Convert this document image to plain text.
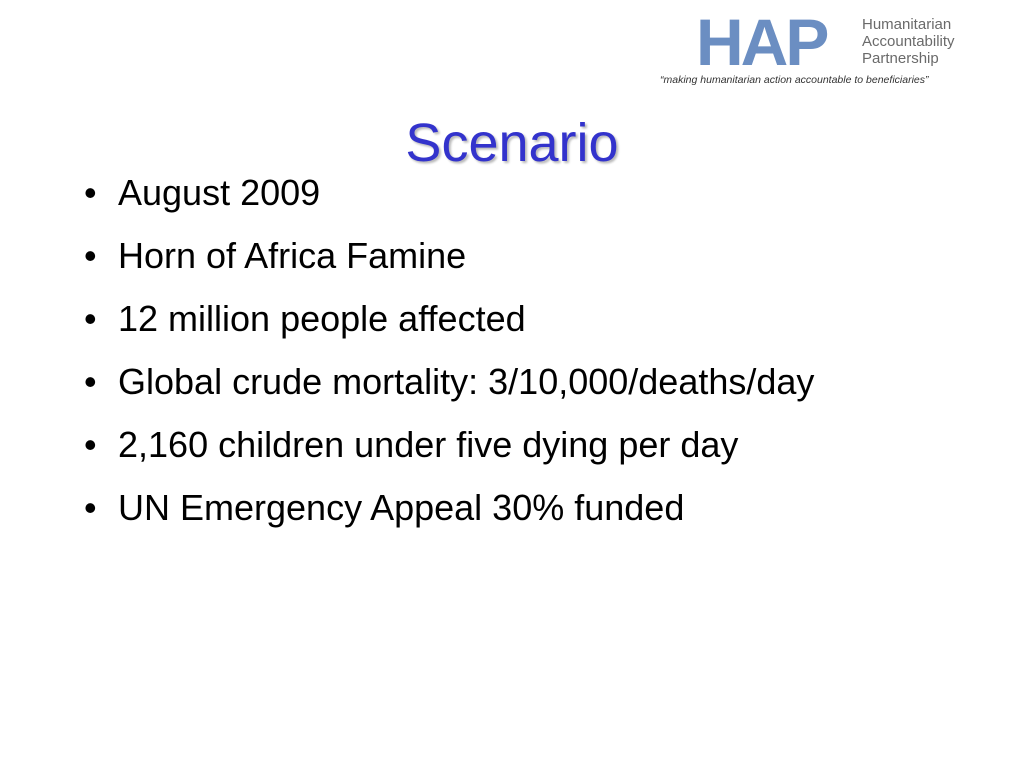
HAP Humanitarian
Accountability
Partnership
“making humanitarian action accountable to beneficiaries”
Scenario
• August 2009
• Horn of Africa Famine
• 12 million people affected
• Global crude mortality: 3/10,000/deaths/day
• 2,160 children under five dying per day
• UN Emergency Appeal 30% funded
